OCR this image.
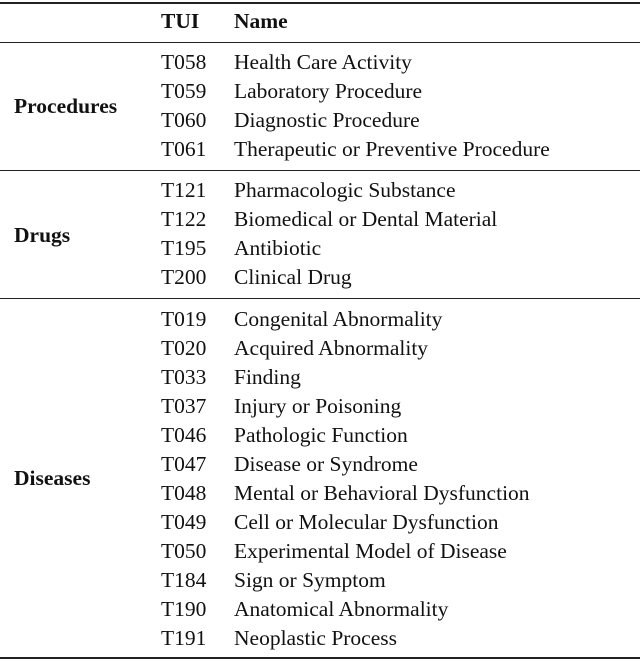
TUI Name
Procedures
T058 Health Care Activity
T059 Laboratory Procedure
T060 Diagnostic Procedure
T061 Therapeutic or Preventive Procedure
Drugs
T121 Pharmacologic Substance
T122 Biomedical or Dental Material
T195 Antibiotic
T200 Clinical Drug
Diseases
T019 Congenital Abnormality
T020 Acquired Abnormality
T033 Finding
T037 Injury or Poisoning
T046 Pathologic Function
T047 Disease or Syndrome
T048 Mental or Behavioral Dysfunction
T049 Cell or Molecular Dysfunction
T050 Experimental Model of Disease
T184 Sign or Symptom
T190 Anatomical Abnormality
T191 Neoplastic Process
